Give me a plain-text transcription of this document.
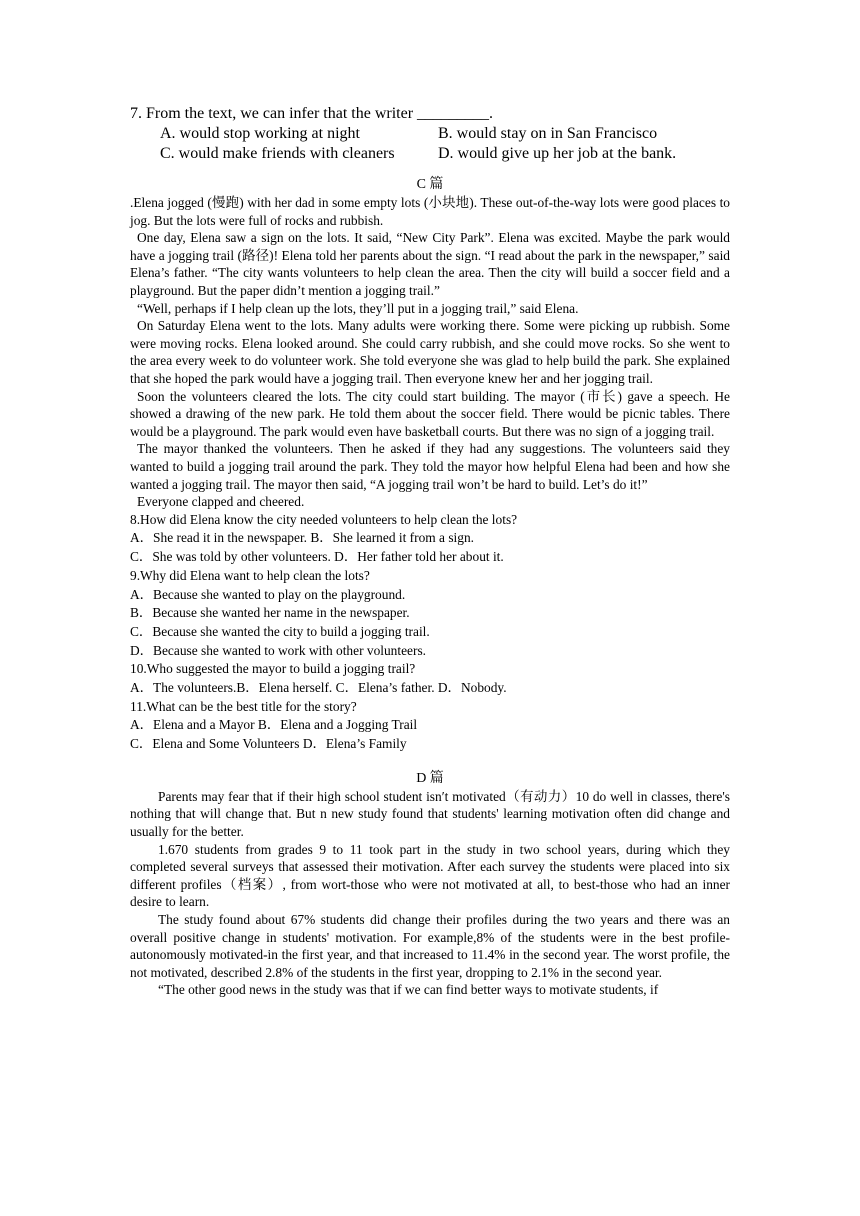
7. From the text, we can infer that the writer _________.
A. would stop working at night	B. would stay on in San Francisco
C. would make friends with cleaners	D. would give up her job at the bank.
C 篇

.Elena jogged (慢跑) with her dad in some empty lots (小块地). These out-of-the-way lots were good places to jog. But the lots were full of rocks and rubbish.

One day, Elena saw a sign on the lots. It said, “New City Park”. Elena was excited. Maybe the park would have a jogging trail (路径)! Elena told her parents about the sign. “I read about the park in the newspaper,” said Elena’s father. “The city wants volunteers to help clean the area. Then the city will build a soccer field and a playground. But the paper didn’t mention a jogging trail.”

“Well, perhaps if I help clean up the lots, they’ll put in a jogging trail,” said Elena.

On Saturday Elena went to the lots. Many adults were working there. Some were picking up rubbish. Some were moving rocks. Elena looked around. She could carry rubbish, and she could move rocks. So she went to the area every week to do volunteer work. She told everyone she was glad to help build the park. She explained that she hoped the park would have a jogging trail. Then everyone knew her and her jogging trail.

Soon the volunteers cleared the lots. The city could start building. The mayor (市长) gave a speech. He showed a drawing of the new park. He told them about the soccer field. There would be picnic tables. There would be a playground. The park would even have basketball courts. But there was no sign of a jogging trail.

The mayor thanked the volunteers. Then he asked if they had any suggestions. The volunteers said they wanted to build a jogging trail around the park. They told the mayor how helpful Elena had been and how she wanted a jogging trail. The mayor then said, “A jogging trail won’t be hard to build. Let’s do it!”

Everyone clapped and cheered.

8.How did Elena know the city needed volunteers to help clean the lots?

A．She read it in the newspaper. B．She learned it from a sign.

C．She was told by other volunteers. D．Her father told her about it.

9.Why did Elena want to help clean the lots?

A．Because she wanted to play on the playground.

B．Because she wanted her name in the newspaper.

C．Because she wanted the city to build a jogging trail.

D．Because she wanted to work with other volunteers.

10.Who suggested the mayor to build a jogging trail?

A．The volunteers.B．Elena herself. C．Elena’s father. D．Nobody.

11.What can be the best title for the story?

A．Elena and a Mayor B．Elena and a Jogging Trail

C．Elena and Some Volunteers D．Elena’s Family

D 篇

Parents may fear that if their high school student isn′t motivated（有动力）10 do well in classes, there's nothing that will change that. But n new study found that students' learning motivation often did change and usually for the better.

1.670 students from grades 9 to 11 took part in the study in two school years, during which they completed several surveys that assessed their motivation. After each survey the students were placed into six different profiles（档案）, from wort-those who were not motivated at all, to best-those who had an inner desire to learn.

The study found about 67% students did change their profiles during the two years and there was an overall positive change in students' motivation. For example,8% of the students were in the best profile-autonomously motivated-in the first year, and that increased to 11.4% in the second year. The worst profile, the not motivated, described 2.8% of the students in the first year, dropping to 2.1% in the second year.

“The other good news in the study was that if we can find better ways to motivate students, if
